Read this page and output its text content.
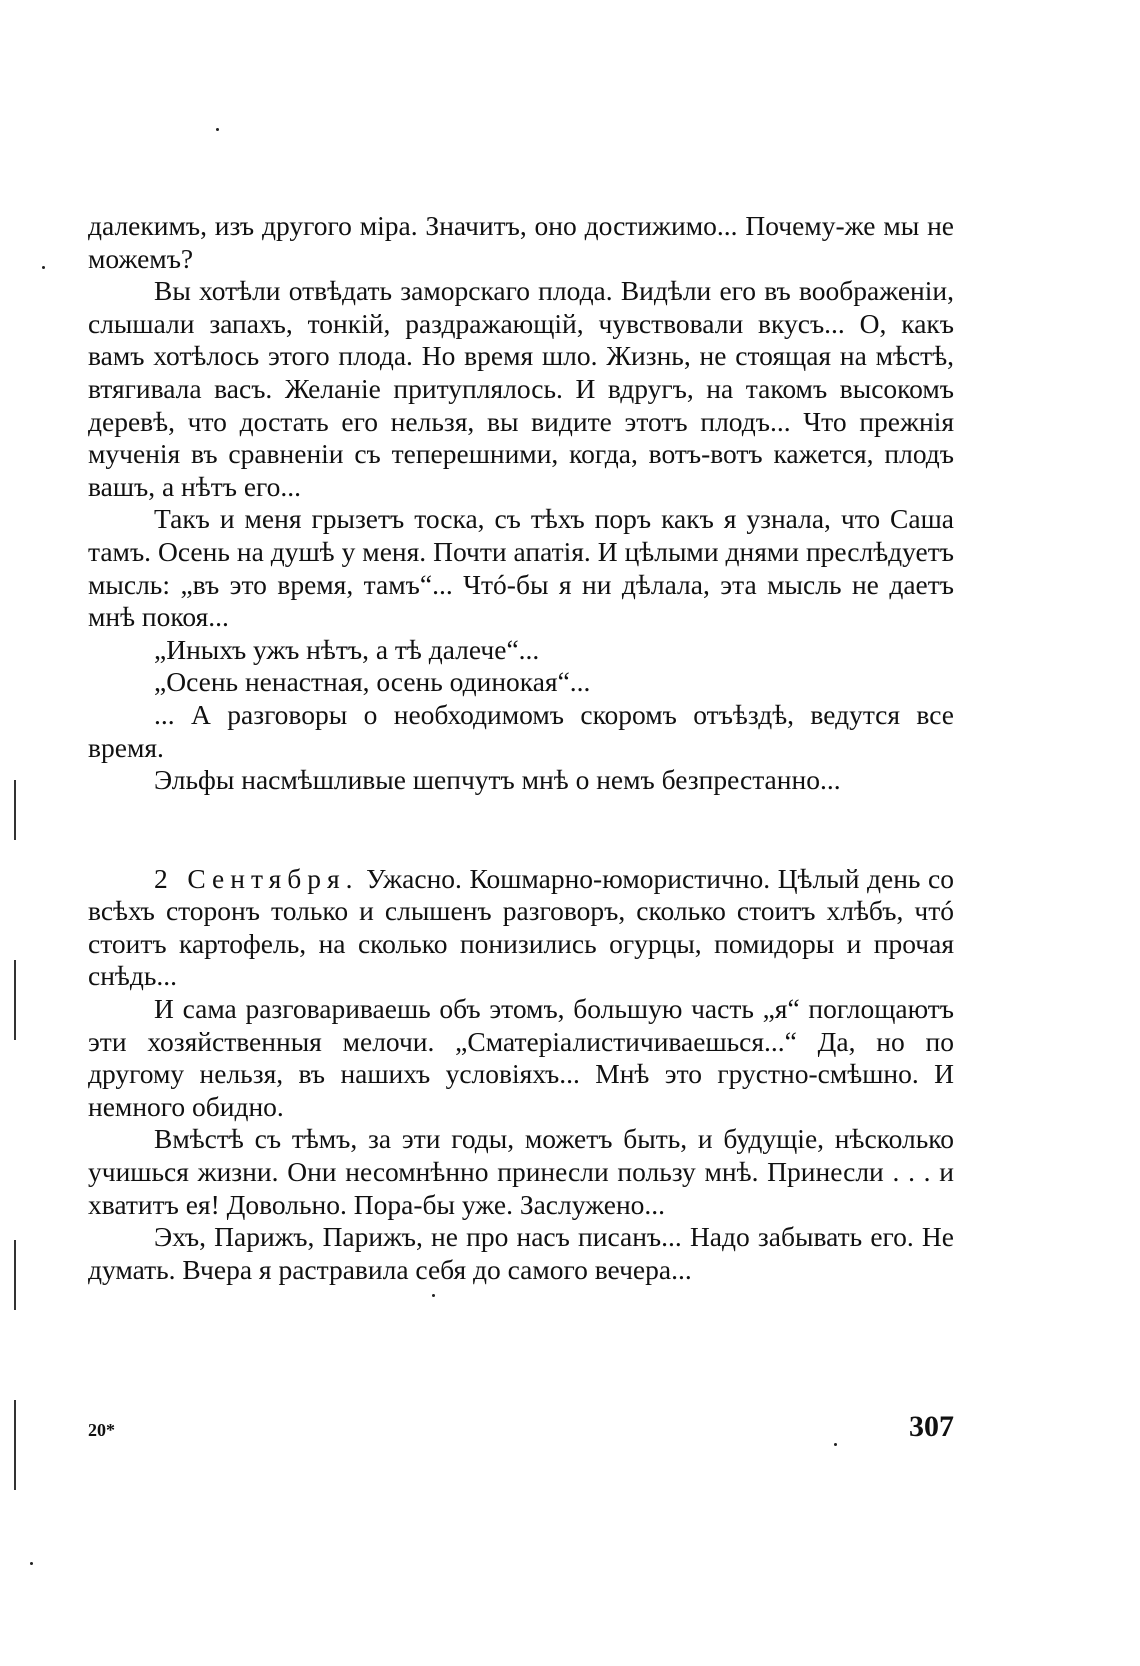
далекимъ, изъ другого міра. Значитъ, оно достижимо... Почему-же мы не можемъ?

Вы хотѣли отвѣдать заморскаго плода. Видѣли его въ воображеніи, слышали запахъ, тонкій, раздражающій, чувствовали вкусъ... О, какъ вамъ хотѣлось этого плода. Но время шло. Жизнь, не стоящая на мѣстѣ, втягивала васъ. Желаніе притуплялось. И вдругъ, на такомъ высокомъ деревѣ, что достать его нельзя, вы видите этотъ плодъ... Что прежнія мученія въ сравненіи съ теперешними, когда, вотъ-вотъ кажется, плодъ вашъ, а нѣтъ его...

Такъ и меня грызетъ тоска, съ тѣхъ поръ какъ я узнала, что Саша тамъ. Осень на душѣ у меня. Почти апатія. И цѣлыми днями преслѣдуетъ мысль: „въ это время, тамъ“... Чтó-бы я ни дѣлала, эта мысль не даетъ мнѣ покоя...

„Иныхъ ужъ нѣтъ, а тѣ далече“...

„Осень ненастная, осень одинокая“...

... А разговоры о необходимомъ скоромъ отъѣздѣ, ведутся все время.

Эльфы насмѣшливые шепчутъ мнѣ о немъ безпрестанно...

2 Сентября. Ужасно. Кошмарно-юмористично. Цѣлый день со всѣхъ сторонъ только и слышенъ разговоръ, сколько стоитъ хлѣбъ, чтó стоитъ картофель, на сколько понизились огурцы, помидоры и прочая снѣдь...

И сама разговариваешь объ этомъ, большую часть „я“ поглощаютъ эти хозяйственныя мелочи. „Сматеріалистичиваешься...“ Да, но по другому нельзя, въ нашихъ условіяхъ... Мнѣ это грустно-смѣшно. И немного обидно.

Вмѣстѣ съ тѣмъ, за эти годы, можетъ быть, и будущіе, нѣсколько учишься жизни. Они несомнѣнно принесли пользу мнѣ. Принесли . . . и хватитъ ея! Довольно. Пора-бы уже. Заслужено...

Эхъ, Парижъ, Парижъ, не про насъ писанъ... Надо забывать его. Не думать. Вчера я растравила себя до самого вечера...

20*	307
